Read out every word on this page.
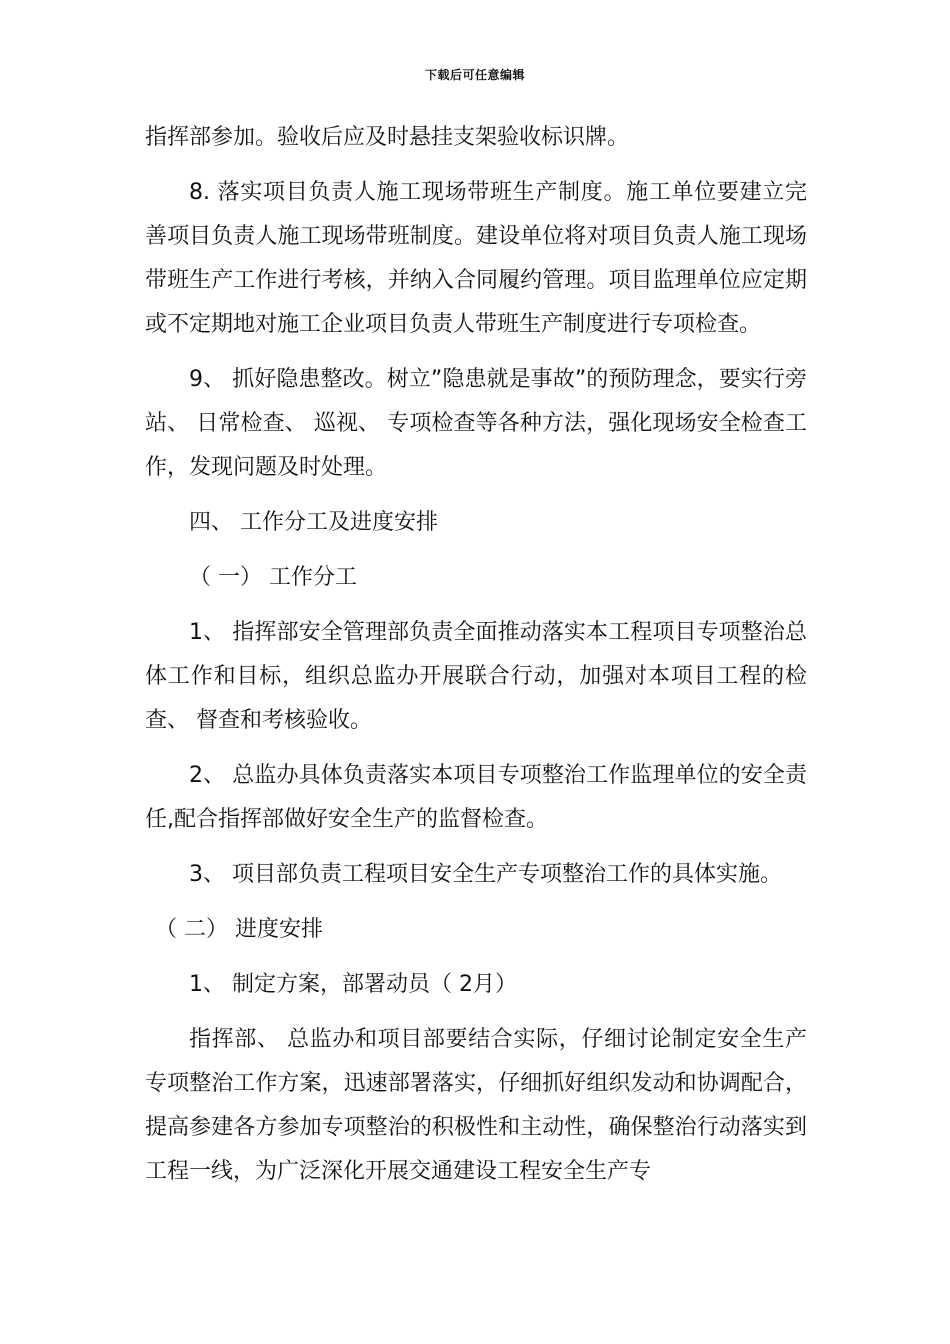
下载后可任意编辑

指挥部参加。验收后应及时悬挂支架验收标识牌。

8. 落实项目负责人施工现场带班生产制度。施工单位要建立完善项目负责人施工现场带班制度。建设单位将对项目负责人施工现场带班生产工作进行考核，并纳入合同履约管理。项目监理单位应定期或不定期地对施工企业项目负责人带班生产制度进行专项检查。

9、 抓好隐患整改。树立”隐患就是事故”的预防理念，要实行旁站、 日常检查、 巡视、 专项检查等各种方法，强化现场安全检查工作，发现问题及时处理。

四、 工作分工及进度安排

（ 一） 工作分工

1、 指挥部安全管理部负责全面推动落实本工程项目专项整治总体工作和目标，组织总监办开展联合行动，加强对本项目工程的检查、 督查和考核验收。

2、 总监办具体负责落实本项目专项整治工作监理单位的安全责任,配合指挥部做好安全生产的监督检查。

3、 项目部负责工程项目安全生产专项整治工作的具体实施。

（ 二） 进度安排

1、 制定方案，部署动员（ 2月）

指挥部、 总监办和项目部要结合实际，仔细讨论制定安全生产专项整治工作方案，迅速部署落实，仔细抓好组织发动和协调配合，提高参建各方参加专项整治的积极性和主动性，确保整治行动落实到工程一线，为广泛深化开展交通建设工程安全生产专
